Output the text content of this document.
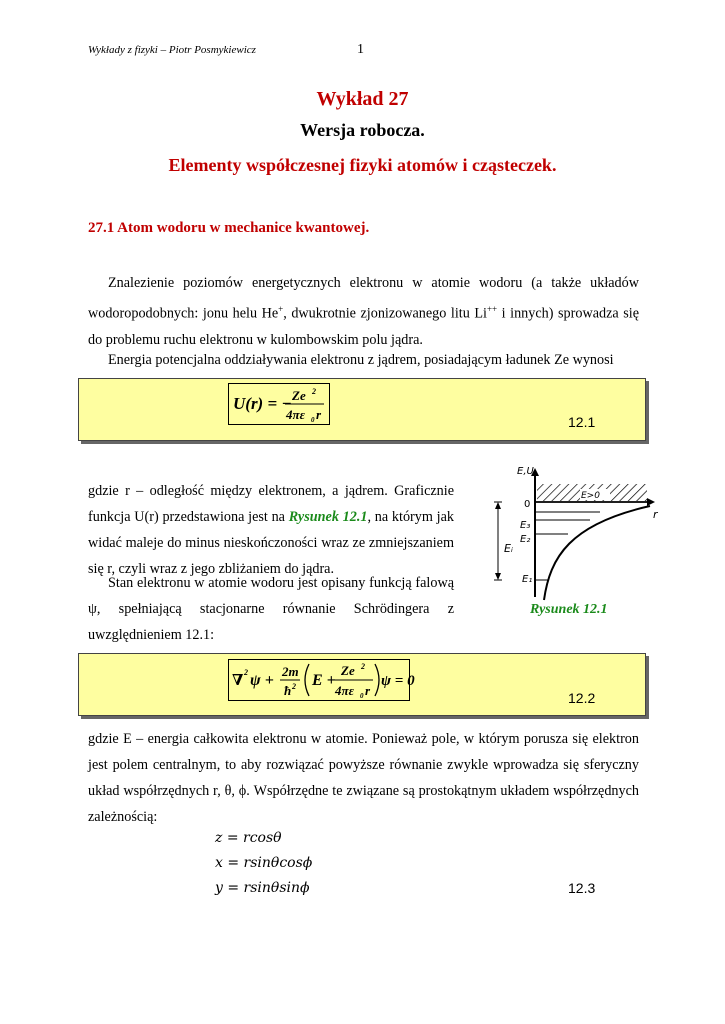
Wykłady z fizyki – Piotr Posmykiewicz	1
Wykład 27
Wersja robocza.
Elementy współczesnej fizyki atomów i cząsteczek.
27.1 Atom wodoru w mechanice kwantowej.
Znalezienie poziomów energetycznych elektronu w atomie wodoru (a także układów wodoropodobnych: jonu helu He+, dwukrotnie zjonizowanego litu Li++ i innych) sprowadza się do problemu ruchu elektronu w kulombowskim polu jądra.
Energia potencjalna oddziaływania elektronu z jądrem, posiadającym ładunek Ze wynosi
U(r) = − Ze 2
4πε 0 r	12.1
gdzie r – odległość między elektronem, a jądrem. Graficznie funkcja U(r) przedstawiona jest na Rysunek 12.1, na którym jak widać maleje do minus nieskończoności wraz ze zmniejszaniem się r, czyli wraz z jego zbliżaniem do jądra.
Stan elektronu w atomie wodoru jest opisany funkcją falową ψ, spełniającą stacjonarne równanie Schrödingera z uwzględnieniem 12.1:
E>0
E,U
r
0
E₃
E₂
Eᵢ
E₁
Rysunek 12.1
∇ 2 ψ +
2m
ħ 2 E +
Ze 2
4πε 0 r
ψ = 0
12.2
gdzie E – energia całkowita elektronu w atomie. Ponieważ pole, w którym porusza się elektron jest polem centralnym, to aby rozwiązać powyższe równanie zwykle wprowadza się sferyczny układ współrzędnych r, θ, ϕ. Współrzędne te związane są prostokątnym układem współrzędnych zależnością:
z = rcosθ
x = rsinθcosϕ
y = rsinθsinϕ	12.3
